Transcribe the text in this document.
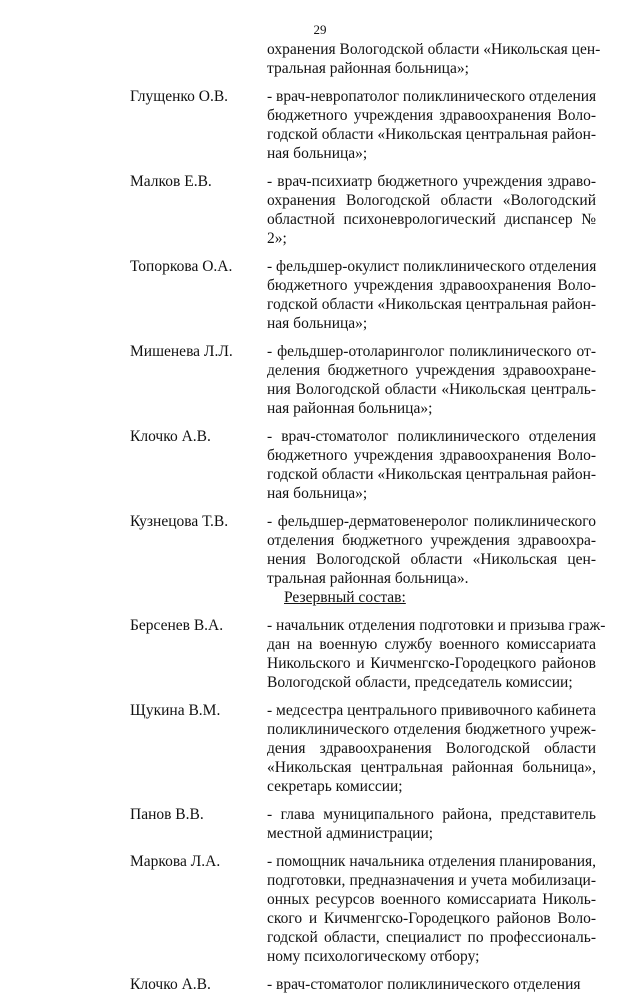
29
охранения Вологодской области «Никольская цен-
тральная районная больница»;
Глущенко О.В.	- врач-невропатолог поликлинического отделения
бюджетного учреждения здравоохранения Воло-
годской области «Никольская центральная район-
ная больница»;
Малков Е.В.	- врач-психиатр бюджетного учреждения здраво-
охранения Вологодской области «Вологодский
областной психоневрологический диспансер №
2»;
Топоркова О.А.	- фельдшер-окулист поликлинического отделения
бюджетного учреждения здравоохранения Воло-
годской области «Никольская центральная район-
ная больница»;
Мишенева Л.Л.	- фельдшер-отоларинголог поликлинического от-
деления бюджетного учреждения здравоохране-
ния Вологодской области «Никольская централь-
ная районная больница»;
Клочко А.В.	- врач-стоматолог поликлинического отделения
бюджетного учреждения здравоохранения Воло-
годской области «Никольская центральная район-
ная больница»;
Кузнецова Т.В.	- фельдшер-дерматовенеролог поликлинического
отделения бюджетного учреждения здравоохра-
нения Вологодской области «Никольская цен-
тральная районная больница».
Резервный состав:
Берсенев В.А.	- начальник отделения подготовки и призыва граж-
дан на военную службу военного комиссариата
Никольского и Кичменгско-Городецкого районов
Вологодской области, председатель комиссии;
Щукина В.М.	- медсестра центрального прививочного кабинета
поликлинического отделения бюджетного учреж-
дения здравоохранения Вологодской области
«Никольская центральная районная больница»,
секретарь комиссии;
Панов В.В.	- глава муниципального района, представитель
местной администрации;
Маркова Л.А.	- помощник начальника отделения планирования,
подготовки, предназначения и учета мобилизаци-
онных ресурсов военного комиссариата Николь-
ского и Кичменгско-Городецкого районов Воло-
годской области, специалист по профессиональ-
ному психологическому отбору;
Клочко А.В.	- врач-стоматолог поликлинического отделения
